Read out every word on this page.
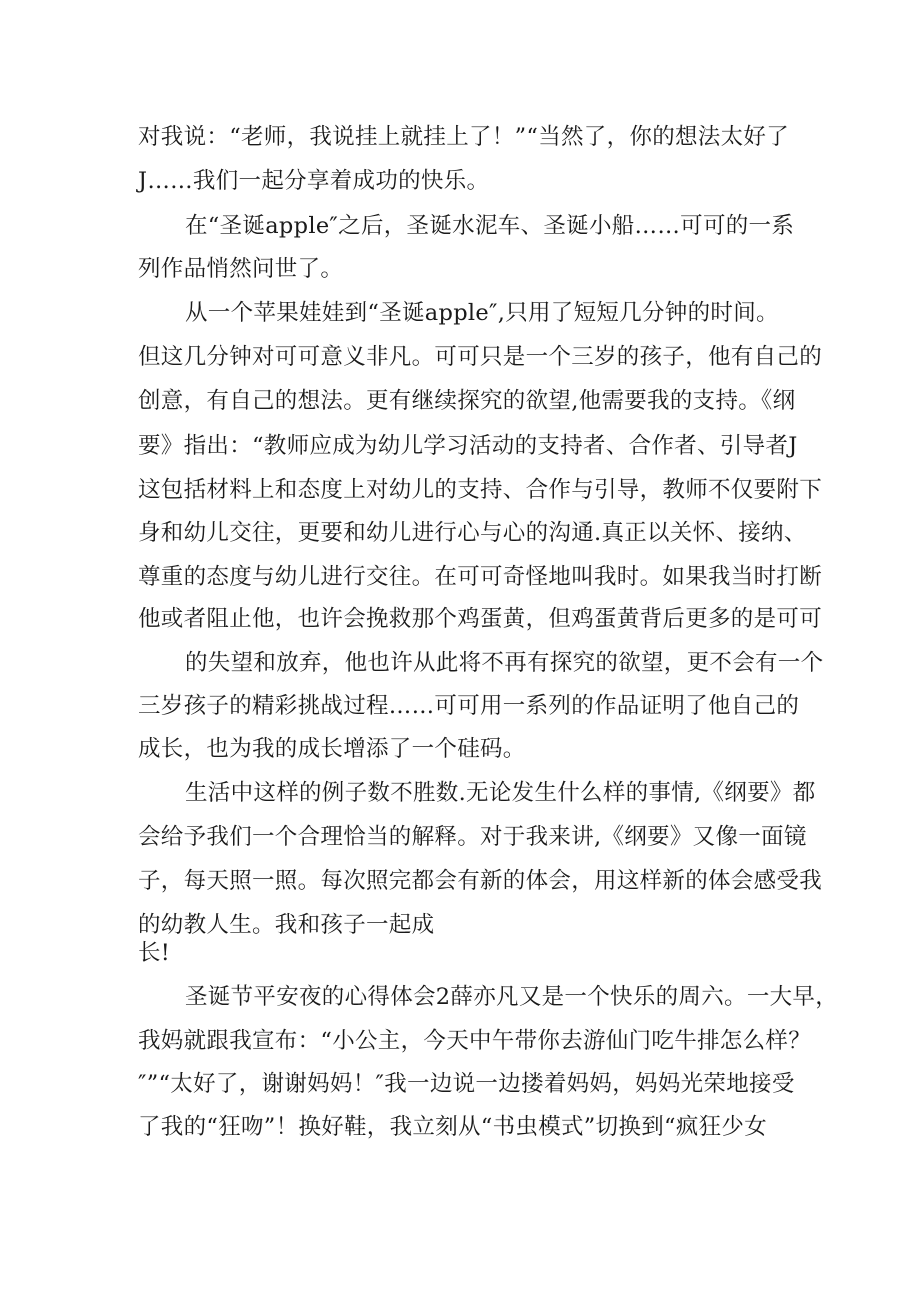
对我说：“老师，我说挂上就挂上了！”“当然了，你的想法太好了

J……我们一起分享着成功的快乐。

在“圣诞apple″之后，圣诞水泥车、圣诞小船……可可的一系

列作品悄然问世了。

从一个苹果娃娃到“圣诞apple″,只用了短短几分钟的时间。

但这几分钟对可可意义非凡。可可只是一个三岁的孩子，他有自己的

创意，有自己的想法。更有继续探究的欲望,他需要我的支持。《纲

要》指出：“教师应成为幼儿学习活动的支持者、合作者、引导者J

这包括材料上和态度上对幼儿的支持、合作与引导，教师不仅要附下

身和幼儿交往，更要和幼儿进行心与心的沟通.真正以关怀、接纳、

尊重的态度与幼儿进行交往。在可可奇怪地叫我时。如果我当时打断

他或者阻止他，也许会挽救那个鸡蛋黄，但鸡蛋黄背后更多的是可可

的失望和放弃，他也许从此将不再有探究的欲望，更不会有一个

三岁孩子的精彩挑战过程……可可用一系列的作品证明了他自己的

成长，也为我的成长增添了一个硅码。

生活中这样的例子数不胜数.无论发生什么样的事情,《纲要》都

会给予我们一个合理恰当的解释。对于我来讲,《纲要》又像一面镜

子，每天照一照。每次照完都会有新的体会，用这样新的体会感受我

的幼教人生。我和孩子一起成

长!

圣诞节平安夜的心得体会2薛亦凡又是一个快乐的周六。一大早，

我妈就跟我宣布：“小公主，今天中午带你去游仙门吃牛排怎么样？

″”“太好了，谢谢妈妈！″我一边说一边搂着妈妈，妈妈光荣地接受

了我的“狂吻”！换好鞋，我立刻从“书虫模式”切换到“疯狂少女
